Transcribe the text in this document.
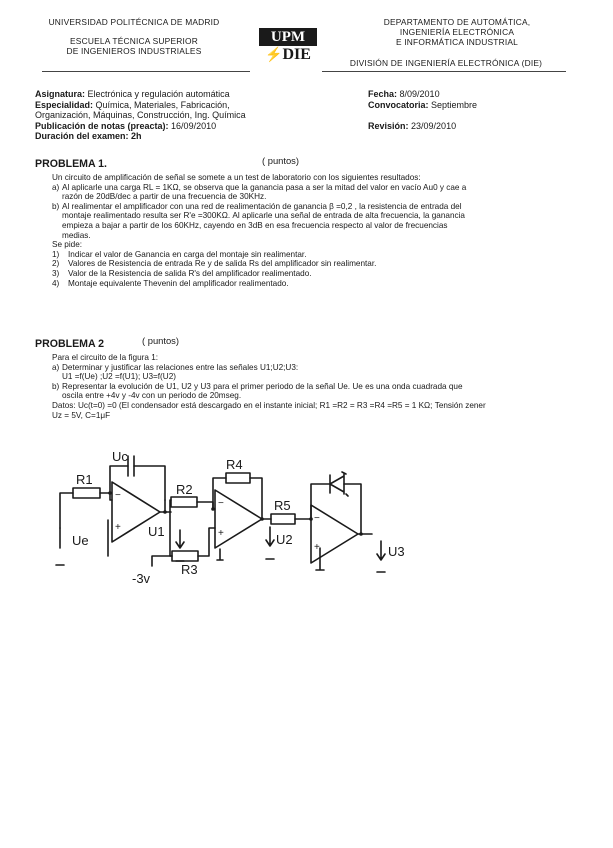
UNIVERSIDAD POLITÉCNICA DE MADRID
ESCUELA TÉCNICA SUPERIOR
DE INGENIEROS INDUSTRIALES
UPM
⚡DIE
DEPARTAMENTO DE AUTOMÁTICA,
INGENIERÍA ELECTRÓNICA
E INFORMÁTICA INDUSTRIAL
DIVISIÓN DE INGENIERÍA ELECTRÓNICA (DIE)
Asignatura: Electrónica y regulación automática
Especialidad: Química, Materiales, Fabricación,
Organización, Máquinas, Construcción, Ing. Química
Publicación de notas (preacta): 16/09/2010
Duración del examen: 2h
Fecha: 8/09/2010
Convocatoria: Septiembre
Revisión: 23/09/2010
PROBLEMA 1.	( puntos)
Un circuito de amplificación de señal se somete a un test de laboratorio con los siguientes resultados:
a) Al aplicarle una carga RL = 1KΩ, se observa que la ganancia pasa a ser la mitad del valor en vacío Au0 y cae a
razón de 20dB/dec a partir de una frecuencia de 30KHz.
b) Al realimentar el amplificador con una red de realimentación de ganancia β =0,2 , la resistencia de entrada del
montaje realimentado resulta ser R'e =300KΩ. Al aplicarle una señal de entrada de alta frecuencia, la ganancia
empieza a bajar a partir de los 60KHz, cayendo en 3dB en esa frecuencia respecto al valor de frecuencias
medias.
Se pide:
1) Indicar el valor de Ganancia en carga del montaje sin realimentar.
2) Valores de Resistencia de entrada Re y de salida Rs del amplificador sin realimentar.
3) Valor de la Resistencia de salida R's del amplificador realimentado.
4) Montaje equivalente Thevenin del amplificador realimentado.
PROBLEMA 2	( puntos)
Para el circuito de la figura 1:
a) Determinar y justificar las relaciones entre las señales U1;U2;U3:
U1 =f(Ue) ;U2 =f(U1); U3=f(U2)
b) Representar la evolución de U1, U2 y U3 para el primer periodo de la señal Ue. Ue es una onda cuadrada que
oscila entre +4v y -4v con un periodo de 20mseg.
Datos: Uc(t=0) =0 (El condensador está descargado en el instante inicial; R1 =R2 = R3 =R4 =R5 = 1 KΩ; Tensión zener
Uz = 5V, C=1μF
−
+
−
+
−
+
Uc
R1
R2
R3
R4
R5
Ue
U1
U2
U3
-3v
